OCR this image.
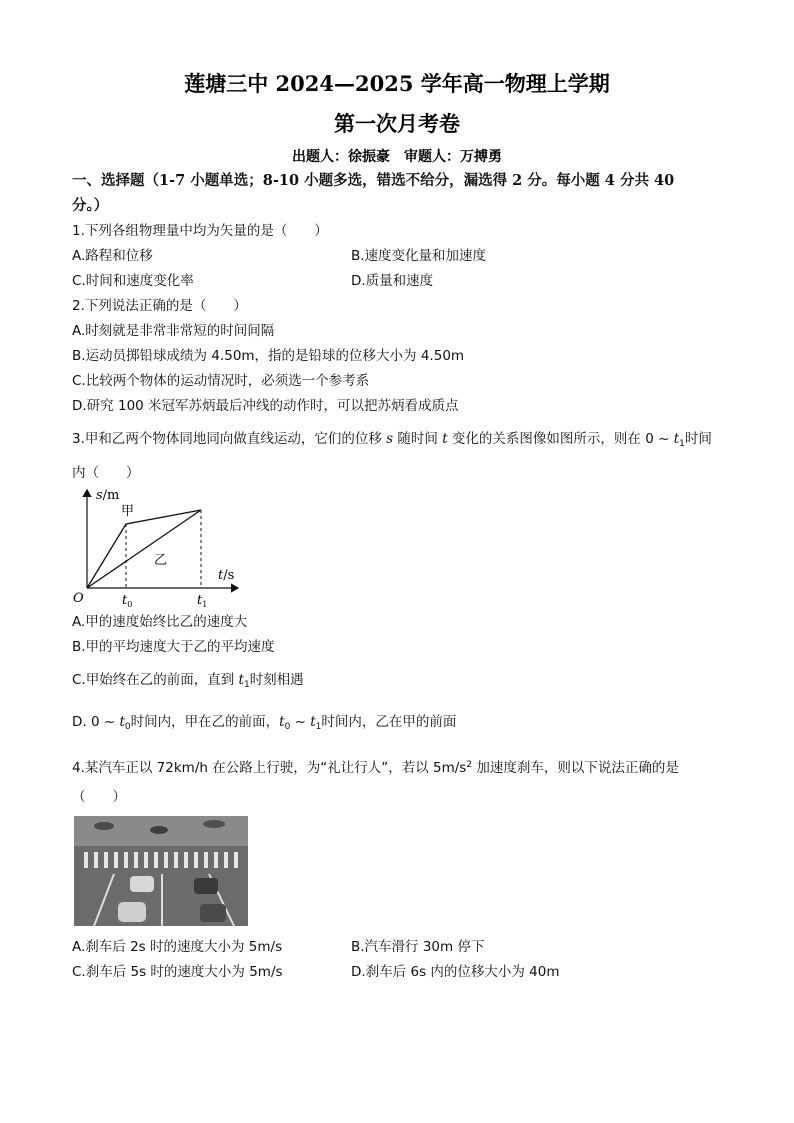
莲塘三中 2024—2025 学年高一物理上学期
第一次月考卷
出题人：徐振豪　审题人：万搏勇
一、选择题（1-7 小题单选；8-10 小题多选，错选不给分，漏选得 2 分。每小题 4 分共 40
分。）
1.下列各组物理量中均为矢量的是（　　）
A.路程和位移	B.速度变化量和加速度
C.时间和速度变化率	D.质量和速度
2.下列说法正确的是（　　）
A.时刻就是非常非常短的时间间隔
B.运动员掷铅球成绩为 4.50m，指的是铅球的位移大小为 4.50m
C.比较两个物体的运动情况时，必须选一个参考系
D.研究 100 米冠军苏炳最后冲线的动作时，可以把苏炳看成质点
3.甲和乙两个物体同地同向做直线运动，它们的位移 s 随时间 t 变化的关系图像如图所示，则在 0 ~ $t_1$时间
内（　　）
s/m
甲
乙
t/s
O	$t_0$	$t_1$
A.甲的速度始终比乙的速度大
B.甲的平均速度大于乙的平均速度
C.甲始终在乙的前面，直到 $t_1$时刻相遇
D. 0 ~ $t_0$时间内，甲在乙的前面，$t_0$ ~ $t_1$时间内，乙在甲的前面
4.某汽车正以 72km/h 在公路上行驶，为“礼让行人”，若以 $5m/s^2$ 加速度刹车，则以下说法正确的是
（　　）
A.刹车后 2s 时的速度大小为 5m/s	B.汽车滑行 30m 停下
C.刹车后 5s 时的速度大小为 5m/s	D.刹车后 6s 内的位移大小为 40m
